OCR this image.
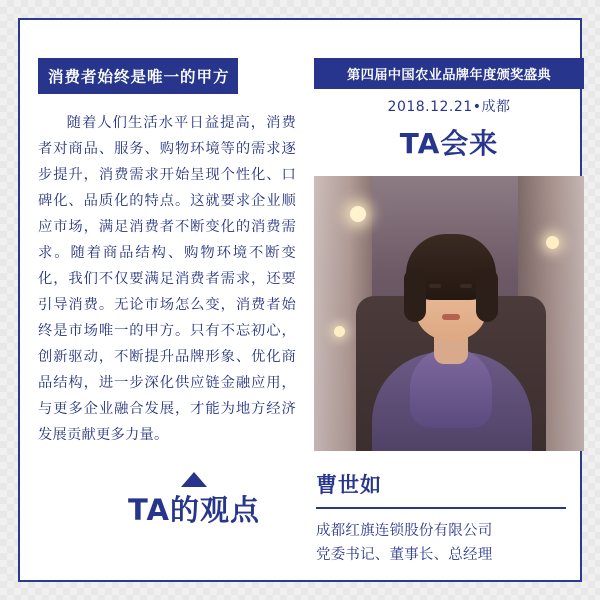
消费者始终是唯一的甲方

随着人们生活水平日益提高，消费者对商品、服务、购物环境等的需求逐步提升，消费需求开始呈现个性化、口碑化、品质化的特点。这就要求企业顺应市场，满足消费者不断变化的消费需求。随着商品结构、购物环境不断变化，我们不仅要满足消费者需求，还要引导消费。无论市场怎么变，消费者始终是市场唯一的甲方。只有不忘初心，创新驱动，不断提升品牌形象、优化商品结构，进一步深化供应链金融应用，与更多企业融合发展，才能为地方经济发展贡献更多力量。

TA的观点
第四届中国农业品牌年度颁奖盛典
2018.12.21•成都
TA会来
曹世如
成都红旗连锁股份有限公司
党委书记、董事长、总经理
